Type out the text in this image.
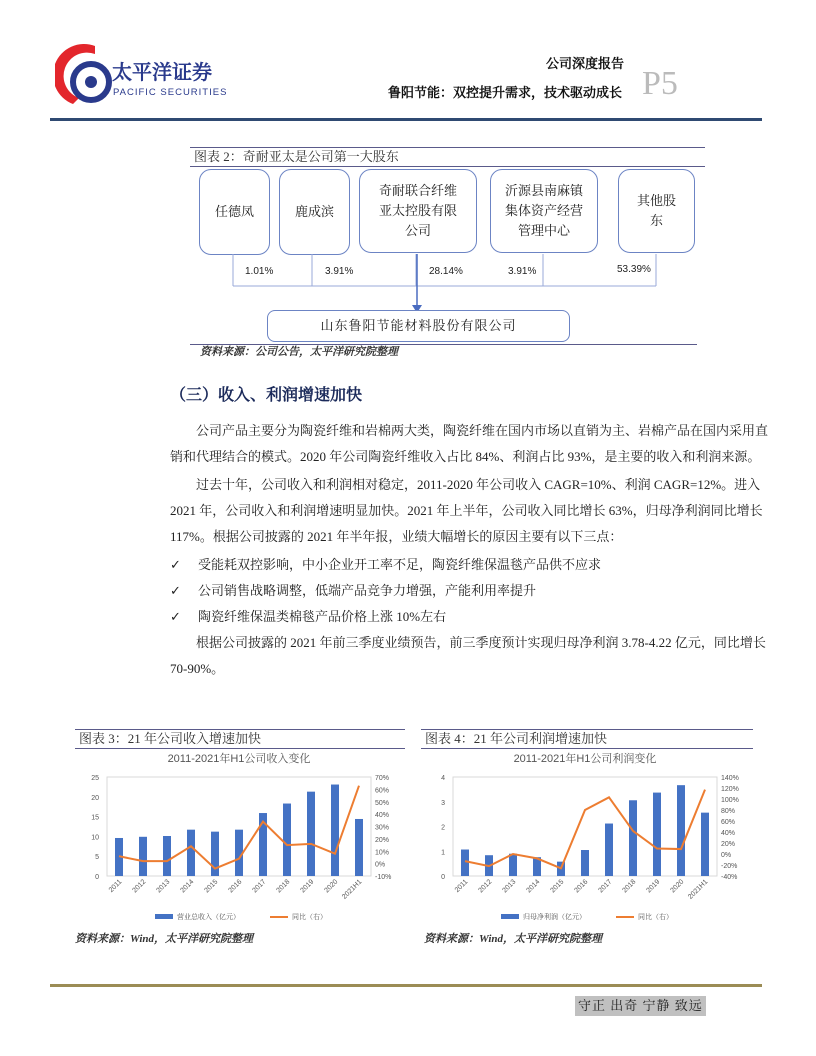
太平洋证券
PACIFIC SECURITIES
公司深度报告
鲁阳节能：双控提升需求，技术驱动成长 P5
图表 2：奇耐亚太是公司第一大股东
任德凤	鹿成滨
奇耐联合纤维亚太控股有限公司
沂源县南麻镇集体资产经营管理中心
其他股东
1.01%	3.91%	28.14%	3.91%	53.39%
山东鲁阳节能材料股份有限公司
资料来源：公司公告，太平洋研究院整理
（三）收入、利润增速加快
公司产品主要分为陶瓷纤维和岩棉两大类，陶瓷纤维在国内市场以直销为主、岩棉产品在国内采用直销和代理结合的模式。2020 年公司陶瓷纤维收入占比 84%、利润占比 93%，是主要的收入和利润来源。
过去十年，公司收入和利润相对稳定，2011-2020 年公司收入 CAGR=10%、利润 CAGR=12%。进入 2021 年，公司收入和利润增速明显加快。2021 年上半年，公司收入同比增长 63%，归母净利润同比增长 117%。根据公司披露的 2021 年半年报，业绩大幅增长的原因主要有以下三点：
✓ 受能耗双控影响，中小企业开工率不足，陶瓷纤维保温毯产品供不应求
✓ 公司销售战略调整，低端产品竞争力增强，产能利用率提升
✓ 陶瓷纤维保温类棉毯产品价格上涨 10%左右
根据公司披露的 2021 年前三季度业绩预告，前三季度预计实现归母净利润 3.78-4.22 亿元，同比增长 70-90%。
图表 3：21 年公司收入增速加快
2011-2021年H1公司收入变化
0
5
10
15
20
25
-10%
0%
10%
20%
30%
40%
50%
60%
70%
2011 2012 2013 2014 2015 2016 2017 2018 2019 2020 2021H1
营业总收入（亿元）	同比（右）
资料来源：Wind，太平洋研究院整理
图表 4：21 年公司利润增速加快
2011-2021年H1公司利润变化
0
1
2
3
4
-40%
-20%
0%
20%
40%
60%
80%
100%
120%
140%
2011 2012 2013 2014 2015 2016 2017 2018 2019 2020 2021H1
归母净利润（亿元）	同比（右）
资料来源：Wind，太平洋研究院整理
守正 出奇 宁静 致远
